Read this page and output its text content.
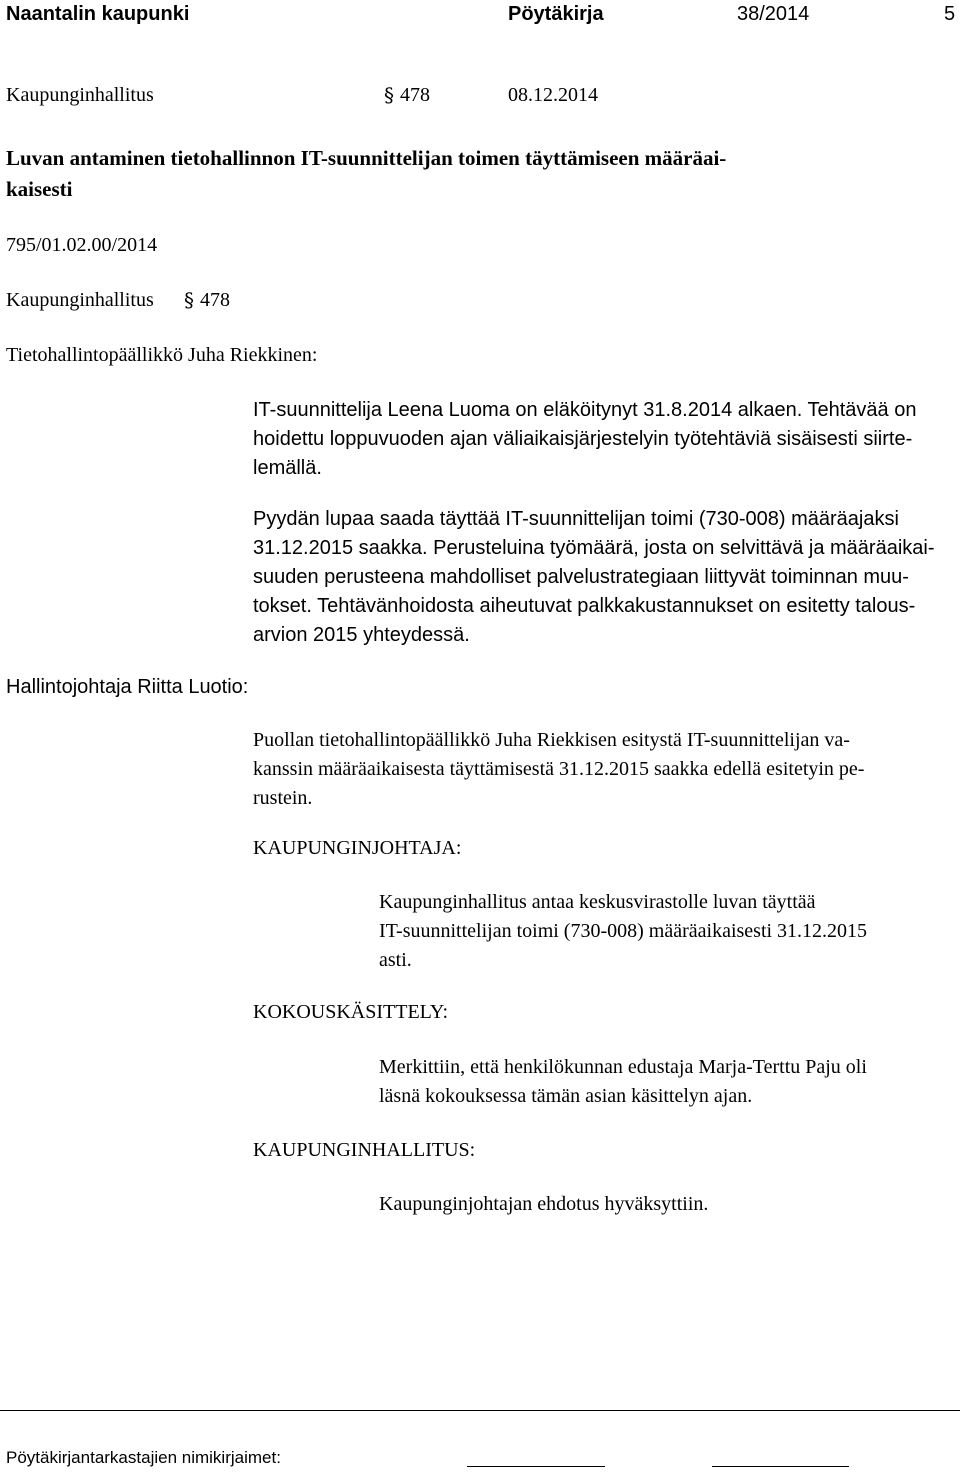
Naantalin kaupunki	Pöytäkirja	38/2014	5
Kaupunginhallitus	§ 478	08.12.2014
Luvan antaminen tietohallinnon IT-suunnittelijan toimen täyttämiseen määräai-
kaisesti
795/01.02.00/2014
Kaupunginhallitus § 478
Tietohallintopäällikkö Juha Riekkinen:
IT-suunnittelija Leena Luoma on eläköitynyt 31.8.2014 alkaen. Tehtävää on
hoidettu loppuvuoden ajan väliaikaisjärjestelyin työtehtäviä sisäisesti siirte-
lemällä.
Pyydän lupaa saada täyttää IT-suunnittelijan toimi (730-008) määräajaksi
31.12.2015 saakka. Perusteluina työmäärä, josta on selvittävä ja määräaikai-
suuden perusteena mahdolliset palvelustrategiaan liittyvät toiminnan muu-
tokset. Tehtävänhoidosta aiheutuvat palkkakustannukset on esitetty talous-
arvion 2015 yhteydessä.
Hallintojohtaja Riitta Luotio:
Puollan tietohallintopäällikkö Juha Riekkisen esitystä IT-suunnittelijan va-
kanssin määräaikaisesta täyttämisestä 31.12.2015 saakka edellä esitetyin pe-
rustein.
KAUPUNGINJOHTAJA:
Kaupunginhallitus antaa keskusvirastolle luvan täyttää
IT-suunnittelijan toimi (730-008) määräaikaisesti 31.12.2015
asti.
KOKOUSKÄSITTELY:
Merkittiin, että henkilökunnan edustaja Marja-Terttu Paju oli
läsnä kokouksessa tämän asian käsittelyn ajan.
KAUPUNGINHALLITUS:
Kaupunginjohtajan ehdotus hyväksyttiin.
Pöytäkirjantarkastajien nimikirjaimet:
